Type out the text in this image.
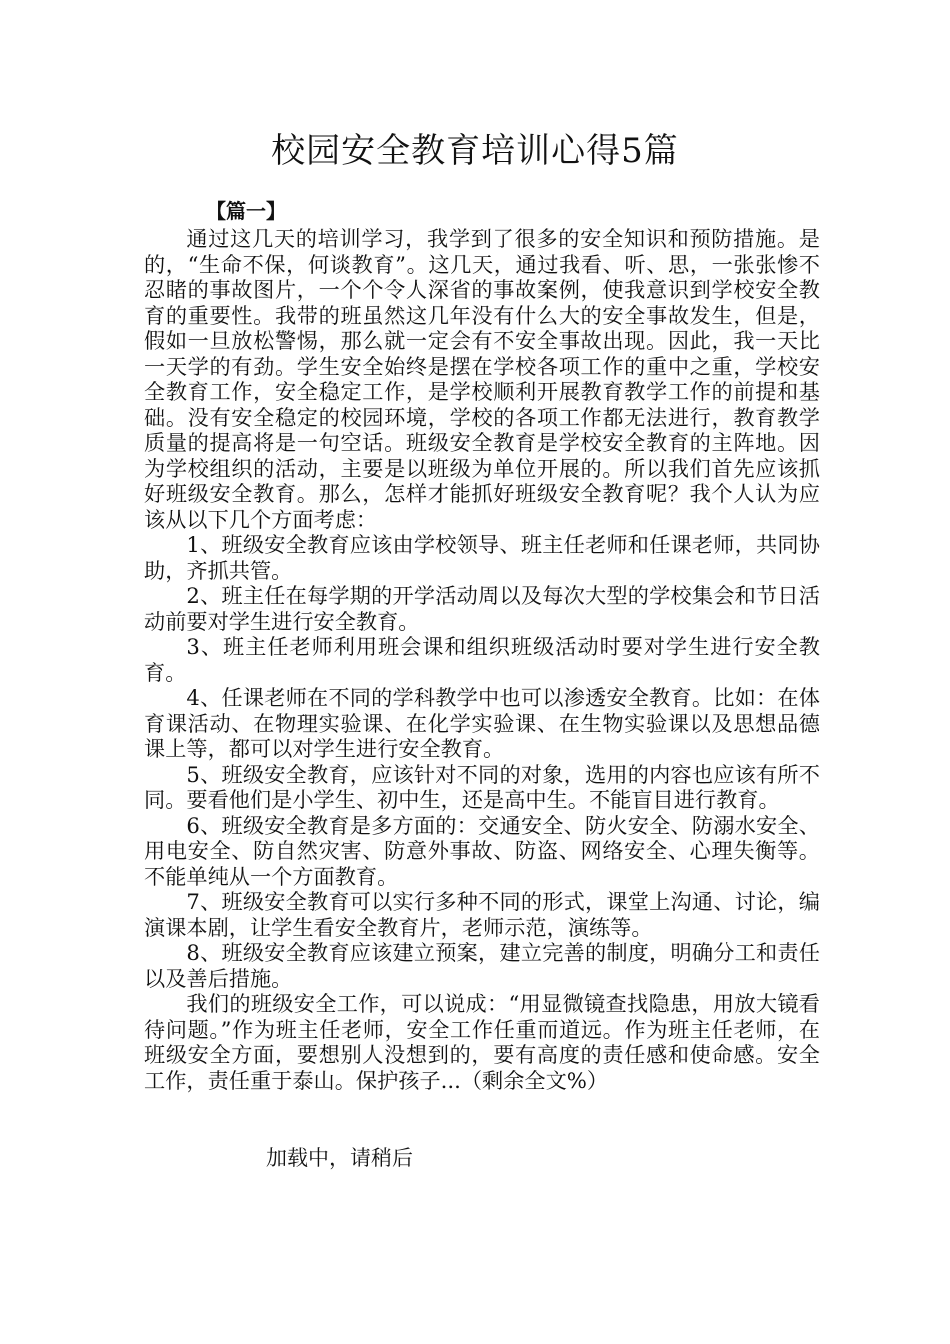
校园安全教育培训心得5篇
【篇一】

通过这几天的培训学习，我学到了很多的安全知识和预防措施。是的，“生命不保，何谈教育”。这几天，通过我看、听、思，一张张惨不忍睹的事故图片，一个个令人深省的事故案例，使我意识到学校安全教育的重要性。我带的班虽然这几年没有什么大的安全事故发生，但是，假如一旦放松警惕，那么就一定会有不安全事故出现。因此，我一天比一天学的有劲。学生安全始终是摆在学校各项工作的重中之重，学校安全教育工作，安全稳定工作，是学校顺利开展教育教学工作的前提和基础。没有安全稳定的校园环境，学校的各项工作都无法进行，教育教学质量的提高将是一句空话。班级安全教育是学校安全教育的主阵地。因为学校组织的活动，主要是以班级为单位开展的。所以我们首先应该抓好班级安全教育。那么，怎样才能抓好班级安全教育呢？我个人认为应该从以下几个方面考虑：

1、班级安全教育应该由学校领导、班主任老师和任课老师，共同协助，齐抓共管。

2、班主任在每学期的开学活动周以及每次大型的学校集会和节日活动前要对学生进行安全教育。

3、班主任老师利用班会课和组织班级活动时要对学生进行安全教育。

4、任课老师在不同的学科教学中也可以渗透安全教育。比如：在体育课活动、在物理实验课、在化学实验课、在生物实验课以及思想品德课上等，都可以对学生进行安全教育。

5、班级安全教育，应该针对不同的对象，选用的内容也应该有所不同。要看他们是小学生、初中生，还是高中生。不能盲目进行教育。

6、班级安全教育是多方面的：交通安全、防火安全、防溺水安全、用电安全、防自然灾害、防意外事故、防盗、网络安全、心理失衡等。不能单纯从一个方面教育。

7、班级安全教育可以实行多种不同的形式，课堂上沟通、讨论，编演课本剧，让学生看安全教育片，老师示范，演练等。

8、班级安全教育应该建立预案，建立完善的制度，明确分工和责任以及善后措施。

我们的班级安全工作，可以说成：“用显微镜查找隐患，用放大镜看待问题。”作为班主任老师，安全工作任重而道远。作为班主任老师，在班级安全方面，要想别人没想到的，要有高度的责任感和使命感。安全工作，责任重于泰山。保护孩子...（剩余全文%）

加载中，请稍后
